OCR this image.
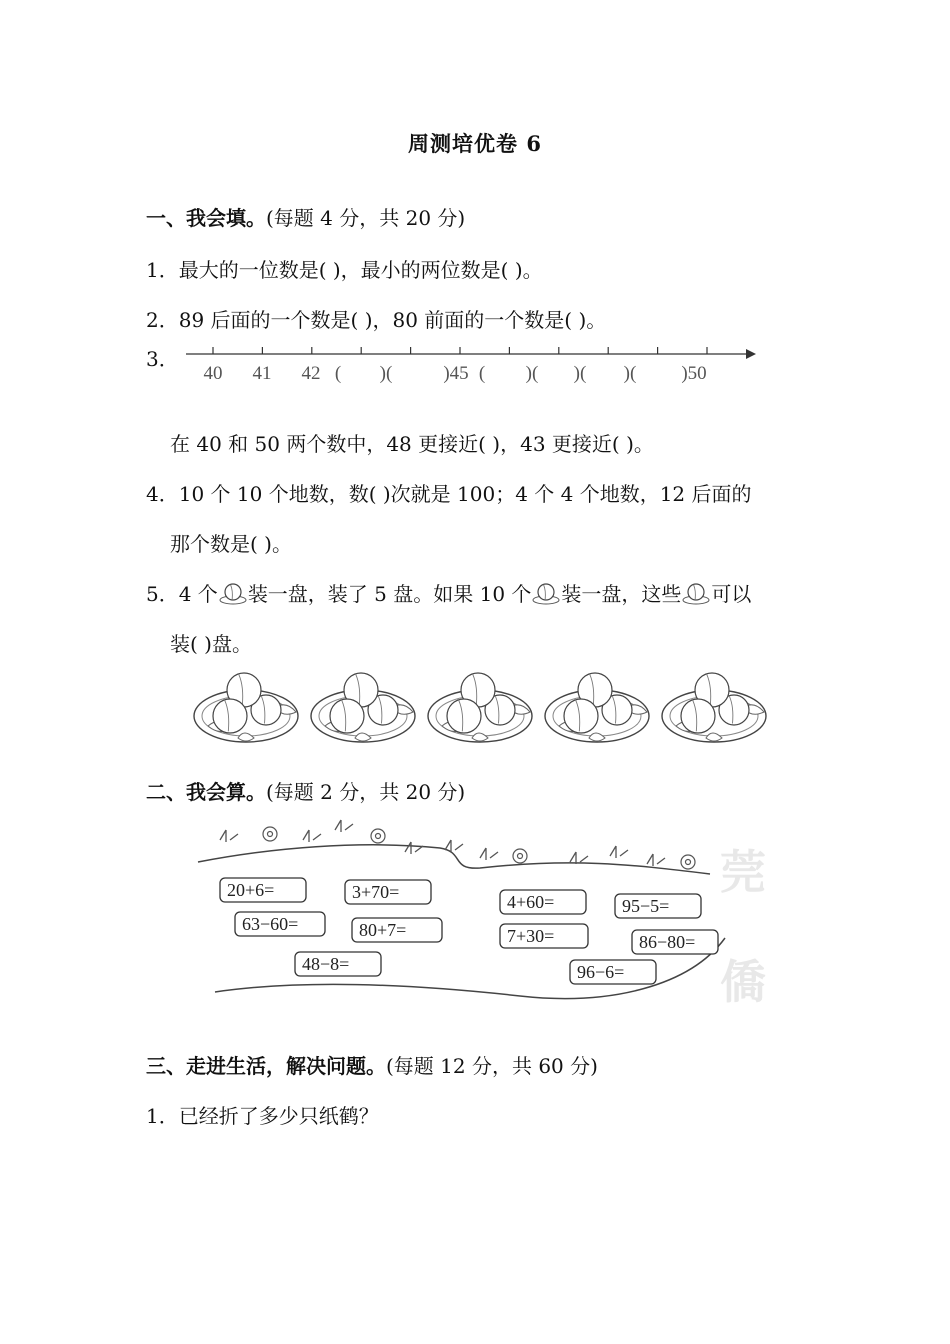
周测培优卷 6
一、我会填。(每题 4 分，共 20 分)
1．最大的一位数是( )，最小的两位数是( )。
2．89 后面的一个数是( )，80 前面的一个数是( )。
3．
40 41 42 ( )(	)45 ( )( )( )( )50
在 40 和 50 两个数中，48 更接近( )，43 更接近( )。
4．10 个 10 个地数，数( )次就是 100；4 个 4 个地数，12 后面的
那个数是( )。
5．4 个 装一盘，装了 5 盘。如果 10 个 装一盘，这些 可以
装( )盘。
二、我会算。(每题 2 分，共 20 分)
莞
僑
20+6=	3+70=
63−60=	80+7=
48−8=
4+60=	95−5=
7+30=	86−80=
96−6=
三、走进生活，解决问题。(每题 12 分，共 60 分)
1．已经折了多少只纸鹤？
